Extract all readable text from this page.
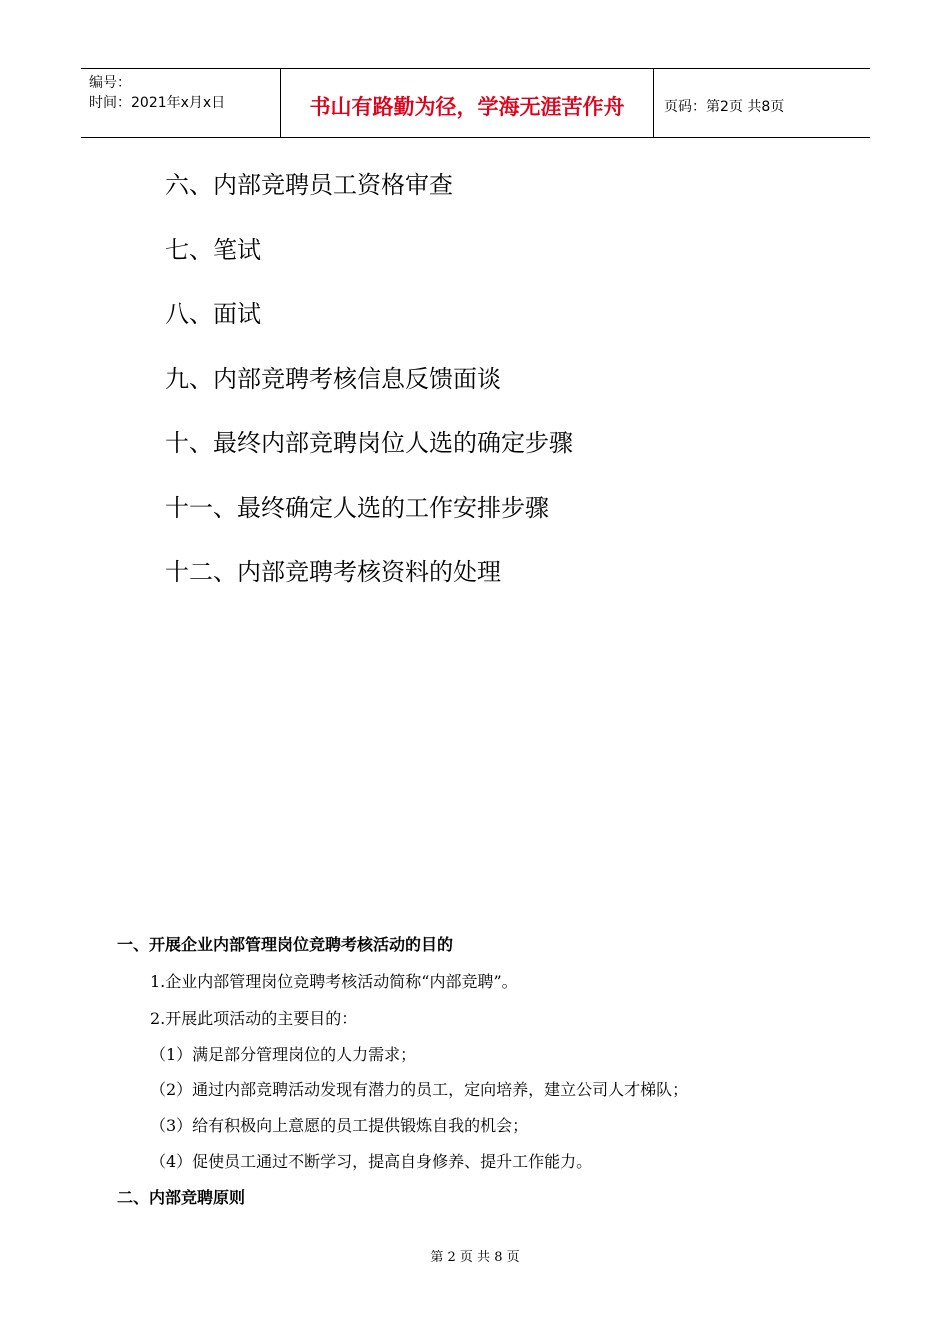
编号：
时间：2021年x月x日	书山有路勤为径，学海无涯苦作舟	页码：第2页 共8页
六、内部竞聘员工资格审查
七、笔试
八、面试
九、内部竞聘考核信息反馈面谈
十、最终内部竞聘岗位人选的确定步骤
十一、最终确定人选的工作安排步骤
十二、内部竞聘考核资料的处理
一、开展企业内部管理岗位竞聘考核活动的目的
1.企业内部管理岗位竞聘考核活动简称“内部竞聘”。
2.开展此项活动的主要目的：
（1）满足部分管理岗位的人力需求；
（2）通过内部竞聘活动发现有潜力的员工，定向培养，建立公司人才梯队；
（3）给有积极向上意愿的员工提供锻炼自我的机会；
（4）促使员工通过不断学习，提高自身修养、提升工作能力。
二、内部竞聘原则
第 2 页 共 8 页
